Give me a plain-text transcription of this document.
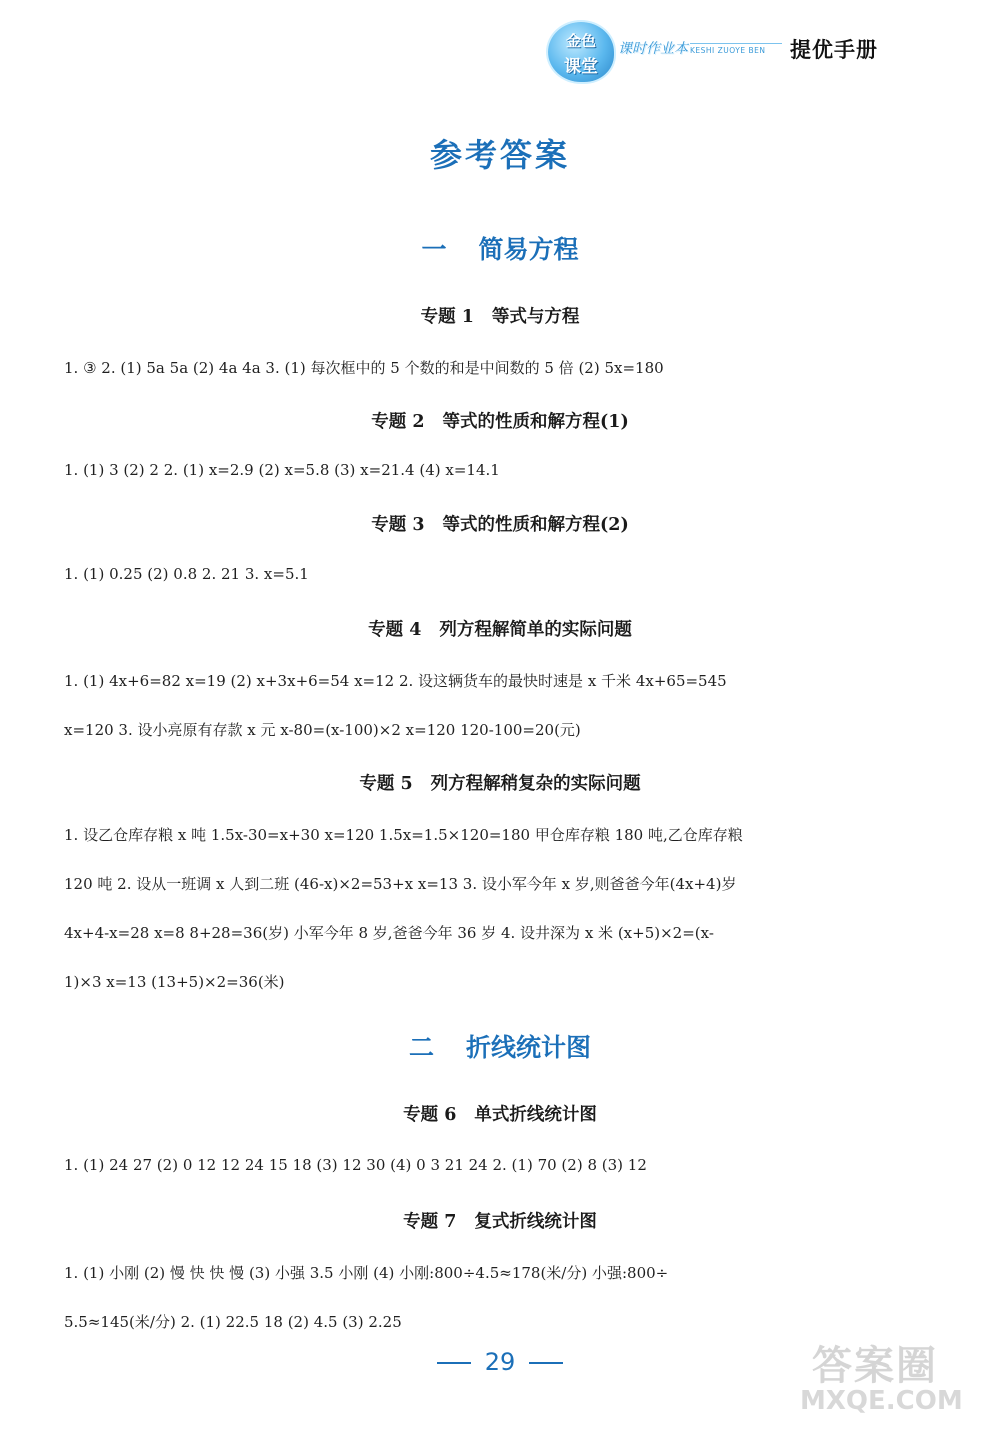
金色
课堂
课时作业本 KESHI ZUOYE BEN 提优手册
参考答案
一 简易方程
专题 1 等式与方程
1. ③ 2. (1) 5a 5a (2) 4a 4a 3. (1) 每次框中的 5 个数的和是中间数的 5 倍 (2) 5x=180
专题 2 等式的性质和解方程(1)
1. (1) 3 (2) 2 2. (1) x=2.9 (2) x=5.8 (3) x=21.4 (4) x=14.1
专题 3 等式的性质和解方程(2)
1. (1) 0.25 (2) 0.8 2. 21 3. x=5.1
专题 4 列方程解简单的实际问题
1. (1) 4x+6=82 x=19 (2) x+3x+6=54 x=12 2. 设这辆货车的最快时速是 x 千米 4x+65=545
x=120 3. 设小亮原有存款 x 元 x-80=(x-100)×2 x=120 120-100=20(元)
专题 5 列方程解稍复杂的实际问题
1. 设乙仓库存粮 x 吨 1.5x-30=x+30 x=120 1.5x=1.5×120=180 甲仓库存粮 180 吨,乙仓库存粮
120 吨 2. 设从一班调 x 人到二班 (46-x)×2=53+x x=13 3. 设小军今年 x 岁,则爸爸今年(4x+4)岁
4x+4-x=28 x=8 8+28=36(岁) 小军今年 8 岁,爸爸今年 36 岁 4. 设井深为 x 米 (x+5)×2=(x-
1)×3 x=13 (13+5)×2=36(米)
二 折线统计图
专题 6 单式折线统计图
1. (1) 24 27 (2) 0 12 12 24 15 18 (3) 12 30 (4) 0 3 21 24 2. (1) 70 (2) 8 (3) 12
专题 7 复式折线统计图
1. (1) 小刚 (2) 慢 快 快 慢 (3) 小强 3.5 小刚 (4) 小刚:800÷4.5≈178(米/分) 小强:800÷
5.5≈145(米/分) 2. (1) 22.5 18 (2) 4.5 (3) 2.25
29	答案圈
MXQE.COM
